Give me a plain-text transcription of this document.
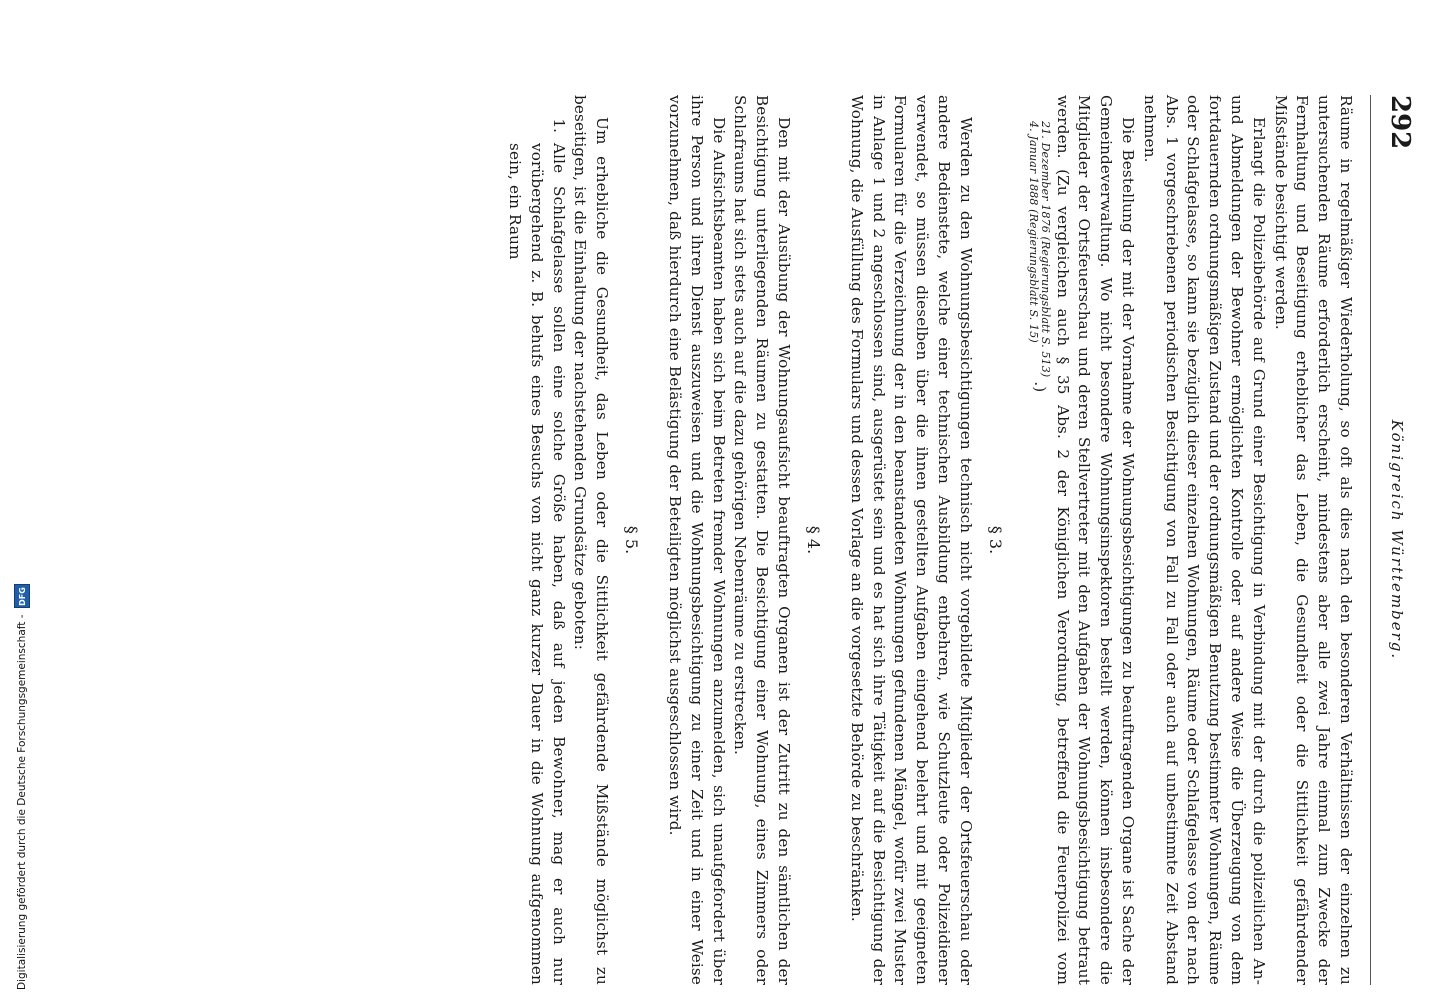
292
Königreich Württemberg.

Räume in regelmäßiger Wiederholung, so oft als dies nach den besonderen Verhältnissen der einzelnen zu untersuchenden Räume erforderlich erscheint, mindestens aber alle zwei Jahre einmal zum Zwecke der Fernhaltung und Beseitigung erheblicher das Leben, die Gesundheit oder die Sittlichkeit gefährdender Mißstände besichtigt werden.

Erlangt die Polizeibehörde auf Grund einer Besichtigung in Verbindung mit der durch die polizeilichen An- und Abmeldungen der Bewohner ermöglichten Kontrolle oder auf andere Weise die Überzeugung von dem fortdauernden ordnungsmäßigen Zustand und der ordnungsmäßigen Benutzung bestimmter Wohnungen, Räume oder Schlafgelasse, so kann sie bezüglich dieser einzelnen Wohnungen, Räume oder Schlafgelasse von der nach Abs. 1 vorgeschriebenen periodischen Besichtigung von Fall zu Fall oder auch auf unbestimmte Zeit Abstand nehmen.

Die Bestellung der mit der Vornahme der Wohnungsbesichtigungen zu beauftragenden Organe ist Sache der Gemeindeverwaltung. Wo nicht besondere Wohnungsinspektoren bestellt werden, können insbesondere die Mitglieder der Ortsfeuerschau und deren Stellvertreter mit den Aufgaben der Wohnungsbesichtigung betraut werden. (Zu vergleichen auch § 35 Abs. 2 der Königlichen Verordnung, betreffend die Feuerpolizei vom
21. Dezember 1876 (Regierungsblatt S. 513)
4. Januar 1888 (Regierungsblatt S. 15)
.)

§ 3.

Werden zu den Wohnungsbesichtigungen technisch nicht vorgebildete Mitglieder der Ortsfeuerschau oder andere Bedienstete, welche einer technischen Ausbildung entbehren, wie Schutzleute oder Polizeidiener verwendet, so müssen dieselben über die ihnen gestellten Aufgaben eingehend belehrt und mit geeigneten Formularen für die Verzeichnung der in den beanstandeten Wohnungen gefundenen Mängel, wofür zwei Muster in Anlage 1 und 2 angeschlossen sind, ausgerüstet sein und es hat sich ihre Tätigkeit auf die Besichtigung der Wohnung, die Ausfüllung des Formulars und dessen Vorlage an die vorgesetzte Behörde zu beschränken.

§ 4.

Den mit der Ausübung der Wohnungsaufsicht beauftragten Organen ist der Zutritt zu den sämtlichen der Besichtigung unterliegenden Räumen zu gestatten. Die Besichtigung einer Wohnung, eines Zimmers oder Schlafraums hat sich stets auch auf die dazu gehörigen Nebenräume zu erstrecken.

Die Aufsichtsbeamten haben sich beim Betreten fremder Wohnungen anzumelden, sich unaufgefordert über ihre Person und ihren Dienst auszuweisen und die Wohnungsbesichtigung zu einer Zeit und in einer Weise vorzunehmen, daß hierdurch eine Belästigung der Beteiligten möglichst ausgeschlossen wird.

§ 5.

Um erhebliche die Gesundheit, das Leben oder die Sittlichkeit gefährdende Mißstände möglichst zu beseitigen, ist die Einhaltung der nachstehenden Grundsätze geboten:

1.

Alle Schlafgelasse sollen eine solche Größe haben, daß auf jeden Bewohner, mag er auch nur vorübergehend z. B. behufs eines Besuchs von nicht ganz kurzer Dauer in die Wohnung aufgenommen sein, ein Raum

Digitalisierung gefördert durch die Deutsche Forschungsgemeinschaft -
DFG
